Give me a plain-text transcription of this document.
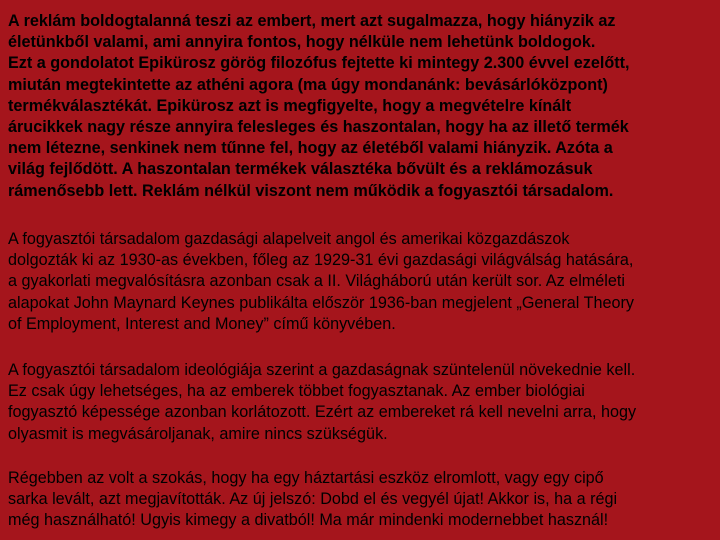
A reklám boldogtalanná teszi az embert, mert azt sugalmazza, hogy hiányzik az
életünkből valami, ami annyira fontos, hogy nélküle nem lehetünk boldogok.
Ezt a gondolatot Epikürosz görög filozófus fejtette ki mintegy 2.300 évvel ezelőtt,
miután megtekintette az athéni agora (ma úgy mondanánk: bevásárlóközpont)
termékválasztékát. Epikürosz azt is megfigyelte, hogy a megvételre kínált
árucikkek nagy része annyira felesleges és haszontalan, hogy ha az illető termék
nem létezne, senkinek nem tűnne fel, hogy az életéből valami hiányzik. Azóta a
világ fejlődött. A haszontalan termékek választéka bővült és a reklámozásuk
rámenősebb lett. Reklám nélkül viszont nem működik a fogyasztói társadalom.

A fogyasztói társadalom gazdasági alapelveit angol és amerikai közgazdászok
dolgozták ki az 1930-as években, főleg az 1929-31 évi gazdasági világválság hatására,
a gyakorlati megvalósításra azonban csak a II. Világháború után került sor. Az elméleti
alapokat John Maynard Keynes publikálta először 1936-ban megjelent „General Theory
of Employment, Interest and Money” című könyvében.

A fogyasztói társadalom ideológiája szerint a gazdaságnak szüntelenül növekednie kell.
Ez csak úgy lehetséges, ha az emberek többet fogyasztanak. Az ember biológiai
fogyasztó képessége azonban korlátozott. Ezért az embereket rá kell nevelni arra, hogy
olyasmit is megvásároljanak, amire nincs szükségük.

Régebben az volt a szokás, hogy ha egy háztartási eszköz elromlott, vagy egy cipő
sarka levált, azt megjavították. Az új jelszó: Dobd el és vegyél újat! Akkor is, ha a régi
még használható! Ugyis kimegy a divatból! Ma már mindenki modernebbet használ!
